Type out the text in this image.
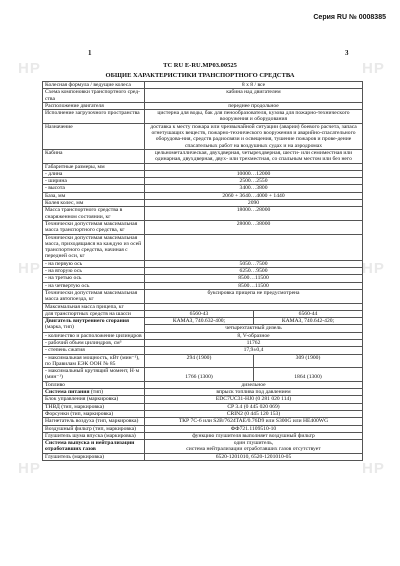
HP	HP
HP	HP
HP	HP
Серия RU № 0008385
1	3
ТС RU E-RU.MP03.00525
ОБЩИЕ ХАРАКТЕРИСТИКИ ТРАНСПОРТНОГО СРЕДСТВА
Колесная формула / ведущие колеса	8 х 8 / все	
Схема компоновки транспортного сред-ства	кабина над двигателем	
Расположение двигателя	переднее продольное	
Исполнение загрузочного пространства	цистерна для воды, бак для пенообразователя, кузова для пожарно-технического вооружения и оборудования	
Назначение	доставка к месту пожара или чрезвычайной ситуации (аварии) боевого расчета, запаса огнетушащих веществ, пожарно-технического вооружения и аварийно-спасательного оборудова-ния, средств радиосвязи и освещения, тушение пожаров и прове-дение спасательных работ на воздушных судах и на аэродромах	
Кабина	цельнометаллическая, двухдверная, четырехдверная, шести- или семиместная или одинарная, двухдверная, двух- или трехместная, со спальным местом или без него	
Габаритные размеры, мм		
- длина	10000…12000	
- ширина	2500…2550	
- высота	3400…3800	
База, мм	2060 + 3640…4000 + 1440	
Колея колес, мм	2090	
Масса транспортного средства в снаряженном состоянии, кг	18000…28000	
Технически допустимая максимальная масса транспортного средства, кг	28000…38000	
Технически допустимая максимальная масса, приходящаяся на каждую из осей транспортного средства, начиная с передней оси, кг		
- на первую ось	5050…7500	
- на вторую ось	6250…9500	
- на третью ось	8500…11500	
- на четвертую ось	8500…11500	
Технически допустимая максимальная масса автопоезда, кг	буксировка прицепа не предусмотрена	
Максимальная масса прицепа, кг		
для транспортных средств на шасси	6560-43	6560-44
Двигатель внутреннего сгорания (марка, тип)	КАМАЗ, 740.632-400;	КАМАЗ, 740.642-420;
	четырехтактный дизель	
- количество и расположение цилиндров	8, V-образное	
- рабочий объем цилиндров, см³	11762	
- степень сжатия	17,9±0,4	
- максимальная мощность, кВт (мин⁻¹), по Правилам ЕЭК ООН № 85	294 (1900)	309 (1900)
- максимальный крутящий момент, Н·м (мин⁻¹)	1766 (1300)	1864 (1300)
Топливо	дизельное	
Система питания (тип)	впрыск топлива под давлением	
Блок управления (маркировка)	EDC7UC31-HJ0 (0 281 020 114)	
ТНВД (тип, маркировка)	CP 3.4 (0 445 020 069)	
Форсунки (тип, маркировка)	CRIN2 (0 445 120 153)	
Нагнетатель воздуха (тип, маркировка)	ТКР 7С-6 или S2B/7624TAE/0.76D9 или S300G или HE400WG	
Воздушный фильтр (тип, маркировка)	ФФ721.1109510-10	
Глушитель шума впуска (маркировка)	функцию глушителя выполняет воздушный фильтр	
Система выпуска и нейтрализации отработавших газов	один глушитель,
система нейтрализации отработавших газов отсутствует	

Глушитель (маркировка)	6520-1201010, 6520-1201010-05	
